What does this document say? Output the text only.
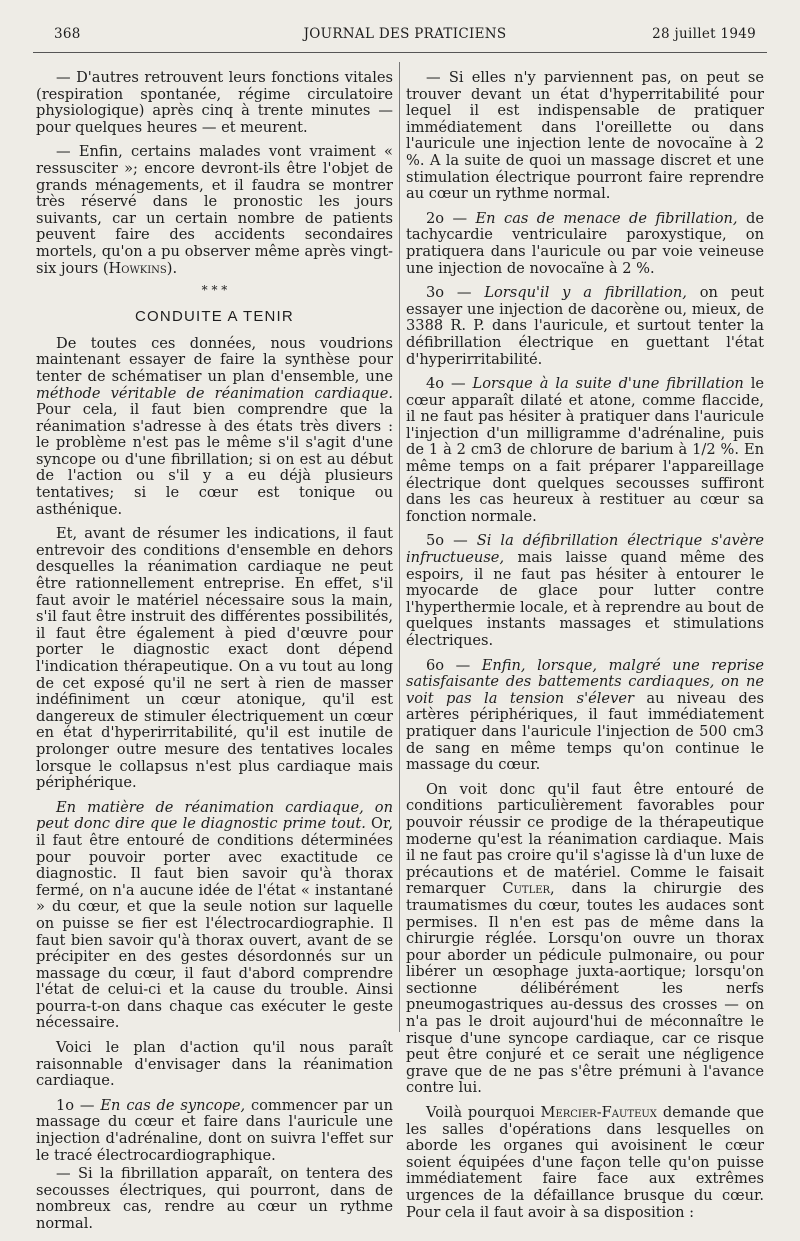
368	JOURNAL DES PRATICIENS	28 juillet 1949

— D'autres retrouvent leurs fonctions vitales (respiration spontanée, régime circulatoire physiologique) après cinq à trente minutes — pour quelques heures — et meurent.

— Enfin, certains malades vont vraiment « ressusciter »; encore devront-ils être l'objet de grands ménagements, et il faudra se montrer très réservé dans le pronostic les jours suivants, car un certain nombre de patients peuvent faire des accidents secondaires mortels, qu'on a pu observer même après vingt-six jours (Howkins).

* * *
CONDUITE A TENIR

De toutes ces données, nous voudrions maintenant essayer de faire la synthèse pour tenter de schématiser un plan d'ensemble, une méthode véritable de réanimation cardiaque. Pour cela, il faut bien comprendre que la réanimation s'adresse à des états très divers : le problème n'est pas le même s'il s'agit d'une syncope ou d'une fibrillation; si on est au début de l'action ou s'il y a eu déjà plusieurs tentatives; si le cœur est tonique ou asthénique.

Et, avant de résumer les indications, il faut entrevoir des conditions d'ensemble en dehors desquelles la réanimation cardiaque ne peut être rationnellement entreprise. En effet, s'il faut avoir le matériel nécessaire sous la main, s'il faut être instruit des différentes possibilités, il faut être également à pied d'œuvre pour porter le diagnostic exact dont dépend l'indication thérapeutique. On a vu tout au long de cet exposé qu'il ne sert à rien de masser indéfiniment un cœur atonique, qu'il est dangereux de stimuler électriquement un cœur en état d'hyperirritabilité, qu'il est inutile de prolonger outre mesure des tentatives locales lorsque le collapsus n'est plus cardiaque mais périphérique.

En matière de réanimation cardiaque, on peut donc dire que le diagnostic prime tout. Or, il faut être entouré de conditions déterminées pour pouvoir porter avec exactitude ce diagnostic. Il faut bien savoir qu'à thorax fermé, on n'a aucune idée de l'état « instantané » du cœur, et que la seule notion sur laquelle on puisse se fier est l'électrocardiographie. Il faut bien savoir qu'à thorax ouvert, avant de se précipiter en des gestes désordonnés sur un massage du cœur, il faut d'abord comprendre l'état de celui-ci et la cause du trouble. Ainsi pourra-t-on dans chaque cas exécuter le geste nécessaire.

Voici le plan d'action qu'il nous paraît raisonnable d'envisager dans la réanimation cardiaque.

1o — En cas de syncope, commencer par un massage du cœur et faire dans l'auricule une injection d'adrénaline, dont on suivra l'effet sur le tracé électrocardiographique.

— Si la fibrillation apparaît, on tentera des secousses électriques, qui pourront, dans de nombreux cas, rendre au cœur un rythme normal.

— Si elles n'y parviennent pas, on peut se trouver devant un état d'hyperritabilité pour lequel il est indispensable de pratiquer immédiatement dans l'oreillette ou dans l'auricule une injection lente de novocaïne à 2 %. A la suite de quoi un massage discret et une stimulation électrique pourront faire reprendre au cœur un rythme normal.

2o — En cas de menace de fibrillation, de tachycardie ventriculaire paroxystique, on pratiquera dans l'auricule ou par voie veineuse une injection de novocaïne à 2 %.

3o — Lorsqu'il y a fibrillation, on peut essayer une injection de dacorène ou, mieux, de 3388 R. P. dans l'auricule, et surtout tenter la défibrillation électrique en guettant l'état d'hyperirritabilité.

4o — Lorsque à la suite d'une fibrillation le cœur apparaît dilaté et atone, comme flaccide, il ne faut pas hésiter à pratiquer dans l'auricule l'injection d'un milligramme d'adrénaline, puis de 1 à 2 cm3 de chlorure de barium à 1/2 %. En même temps on a fait préparer l'appareillage électrique dont quelques secousses suffiront dans les cas heureux à restituer au cœur sa fonction normale.

5o — Si la défibrillation électrique s'avère infructueuse, mais laisse quand même des espoirs, il ne faut pas hésiter à entourer le myocarde de glace pour lutter contre l'hyperthermie locale, et à reprendre au bout de quelques instants massages et stimulations électriques.

6o — Enfin, lorsque, malgré une reprise satisfaisante des battements cardiaques, on ne voit pas la tension s'élever au niveau des artères périphériques, il faut immédiatement pratiquer dans l'auricule l'injection de 500 cm3 de sang en même temps qu'on continue le massage du cœur.

On voit donc qu'il faut être entouré de conditions particulièrement favorables pour pouvoir réussir ce prodige de la thérapeutique moderne qu'est la réanimation cardiaque. Mais il ne faut pas croire qu'il s'agisse là d'un luxe de précautions et de matériel. Comme le faisait remarquer Cutler, dans la chirurgie des traumatismes du cœur, toutes les audaces sont permises. Il n'en est pas de même dans la chirurgie réglée. Lorsqu'on ouvre un thorax pour aborder un pédicule pulmonaire, ou pour libérer un œsophage juxta-aortique; lorsqu'on sectionne délibérément les nerfs pneumogastriques au-dessus des crosses — on n'a pas le droit aujourd'hui de méconnaître le risque d'une syncope cardiaque, car ce risque peut être conjuré et ce serait une négligence grave que de ne pas s'être prémuni à l'avance contre lui.

Voilà pourquoi Mercier-Fauteux demande que les salles d'opérations dans lesquelles on aborde les organes qui avoisinent le cœur soient équipées d'une façon telle qu'on puisse immédiatement faire face aux extrêmes urgences de la défaillance brusque du cœur. Pour cela il faut avoir à sa disposition :
